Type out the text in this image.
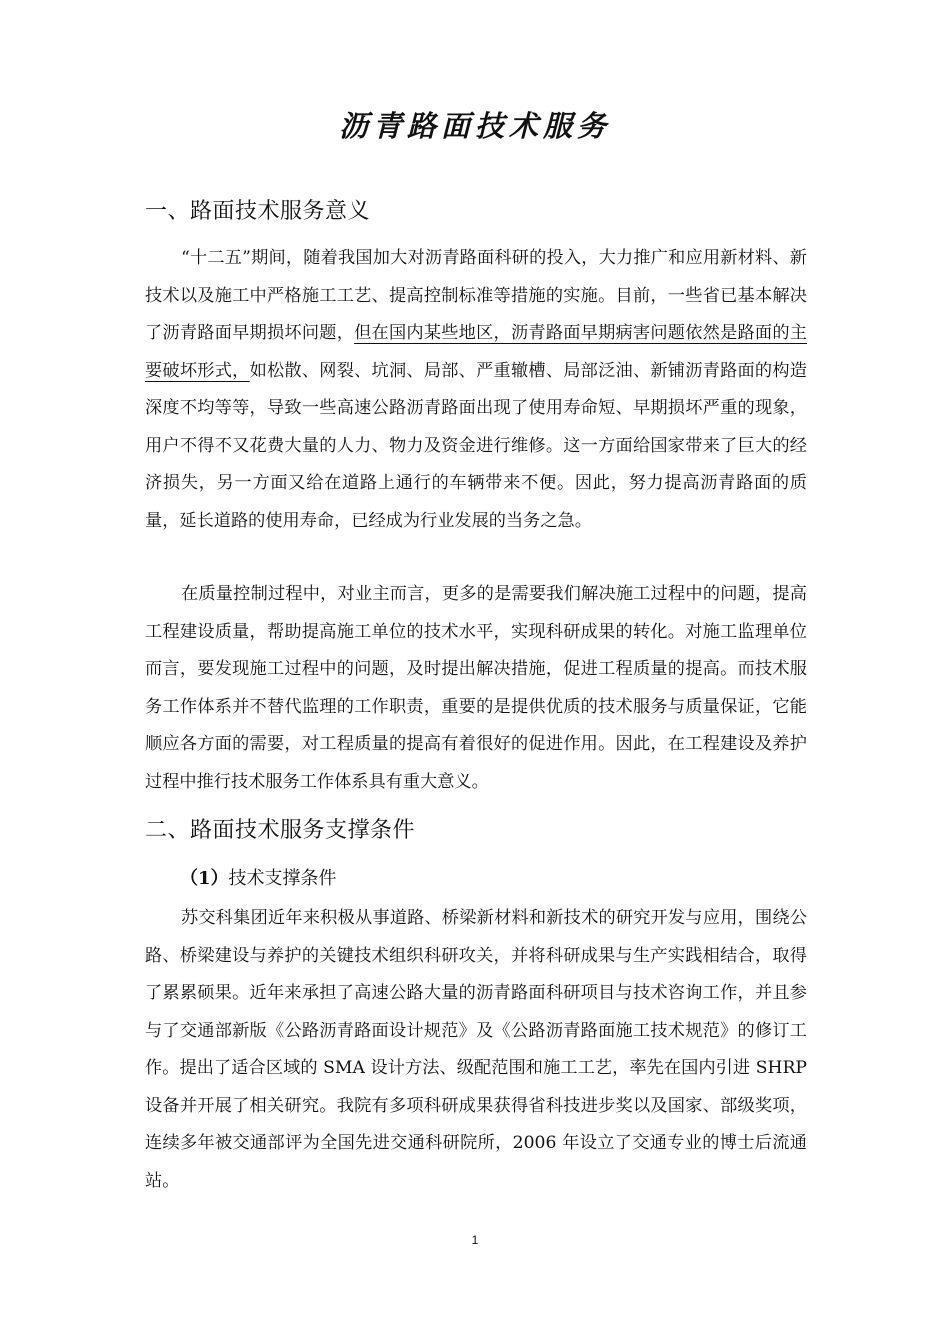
沥青路面技术服务
一、路面技术服务意义

“十二五”期间，随着我国加大对沥青路面科研的投入，大力推广和应用新材料、新技术以及施工中严格施工工艺、提高控制标准等措施的实施。目前，一些省已基本解决了沥青路面早期损坏问题，但在国内某些地区，沥青路面早期病害问题依然是路面的主要破坏形式，如松散、网裂、坑洞、局部、严重辙槽、局部泛油、新铺沥青路面的构造深度不均等等，导致一些高速公路沥青路面出现了使用寿命短、早期损坏严重的现象，用户不得不又花费大量的人力、物力及资金进行维修。这一方面给国家带来了巨大的经济损失，另一方面又给在道路上通行的车辆带来不便。因此，努力提高沥青路面的质量，延长道路的使用寿命，已经成为行业发展的当务之急。

在质量控制过程中，对业主而言，更多的是需要我们解决施工过程中的问题，提高工程建设质量，帮助提高施工单位的技术水平，实现科研成果的转化。对施工监理单位而言，要发现施工过程中的问题，及时提出解决措施，促进工程质量的提高。而技术服务工作体系并不替代监理的工作职责，重要的是提供优质的技术服务与质量保证，它能顺应各方面的需要，对工程质量的提高有着很好的促进作用。因此，在工程建设及养护过程中推行技术服务工作体系具有重大意义。

二、路面技术服务支撑条件
（1）技术支撑条件

苏交科集团近年来积极从事道路、桥梁新材料和新技术的研究开发与应用，围绕公路、桥梁建设与养护的关键技术组织科研攻关，并将科研成果与生产实践相结合，取得了累累硕果。近年来承担了高速公路大量的沥青路面科研项目与技术咨询工作，并且参与了交通部新版《公路沥青路面设计规范》及《公路沥青路面施工技术规范》的修订工作。提出了适合区域的 SMA 设计方法、级配范围和施工工艺，率先在国内引进 SHRP 设备并开展了相关研究。我院有多项科研成果获得省科技进步奖以及国家、部级奖项，连续多年被交通部评为全国先进交通科研院所，2006 年设立了交通专业的博士后流通站。

1
